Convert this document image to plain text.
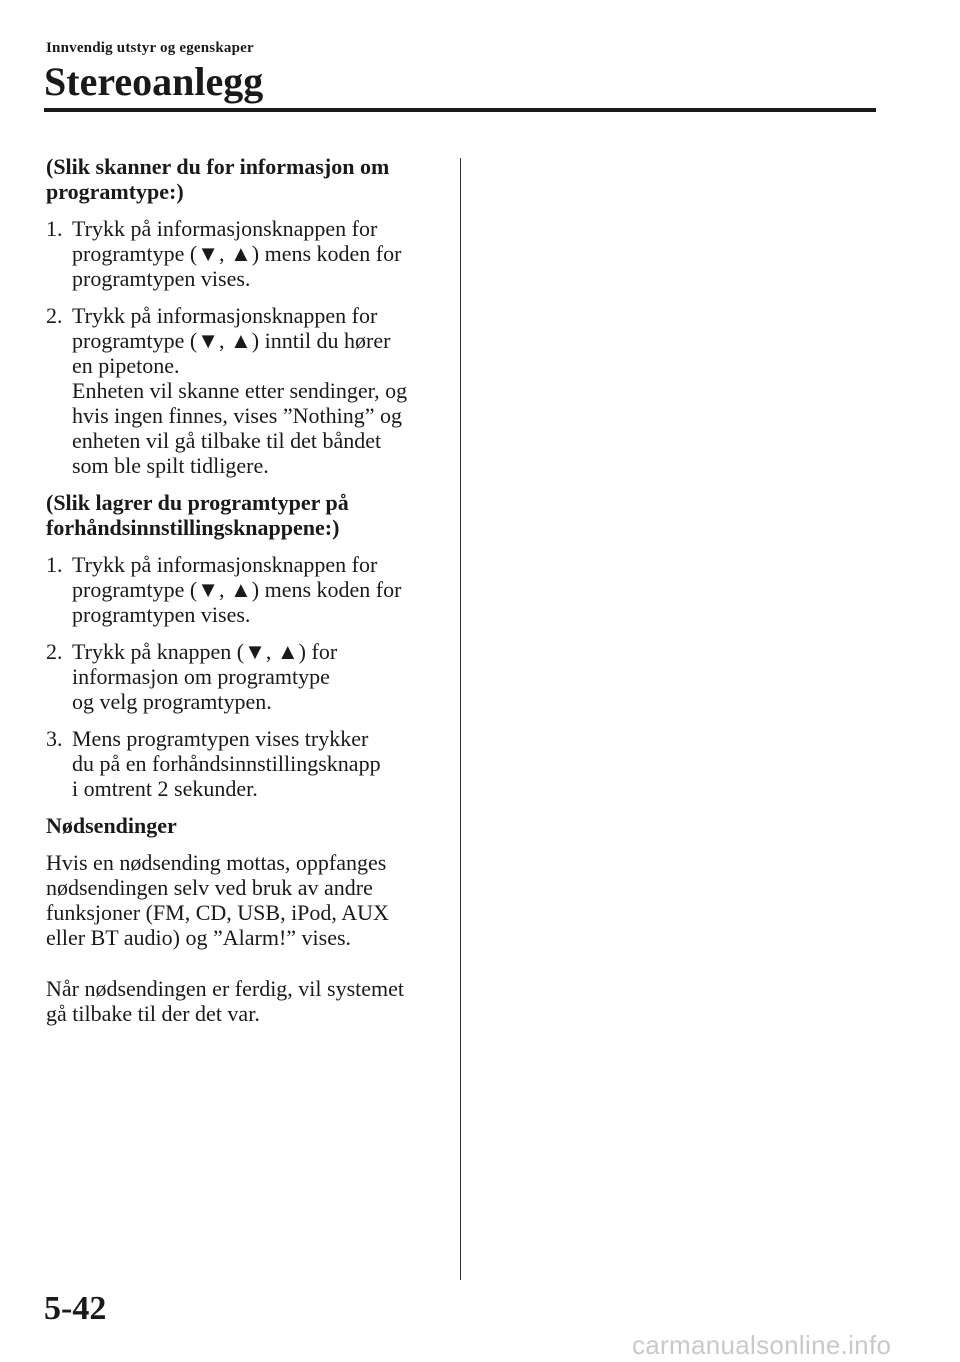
Innvendig utstyr og egenskaper
Stereoanlegg
(Slik skanner du for informasjon om programtype:)
1. Trykk på informasjonsknappen for
programtype (▼, ▲) mens koden for
programtypen vises.
2. Trykk på informasjonsknappen for
programtype (▼, ▲) inntil du hører
en pipetone.
Enheten vil skanne etter sendinger, og
hvis ingen finnes, vises ”Nothing” og
enheten vil gå tilbake til det båndet
som ble spilt tidligere.
(Slik lagrer du programtyper på forhåndsinnstillingsknappene:)
1. Trykk på informasjonsknappen for
programtype (▼, ▲) mens koden for
programtypen vises.
2. Trykk på knappen (▼, ▲) for
informasjon om programtype
og velg programtypen.
3. Mens programtypen vises trykker
du på en forhåndsinnstillingsknapp
i omtrent 2 sekunder.
Nødsendinger
Hvis en nødsending mottas, oppfanges
nødsendingen selv ved bruk av andre
funksjoner (FM, CD, USB, iPod, AUX
eller BT audio) og ”Alarm!” vises.
Når nødsendingen er ferdig, vil systemet
gå tilbake til der det var.
5-42
carmanualsonline.info
